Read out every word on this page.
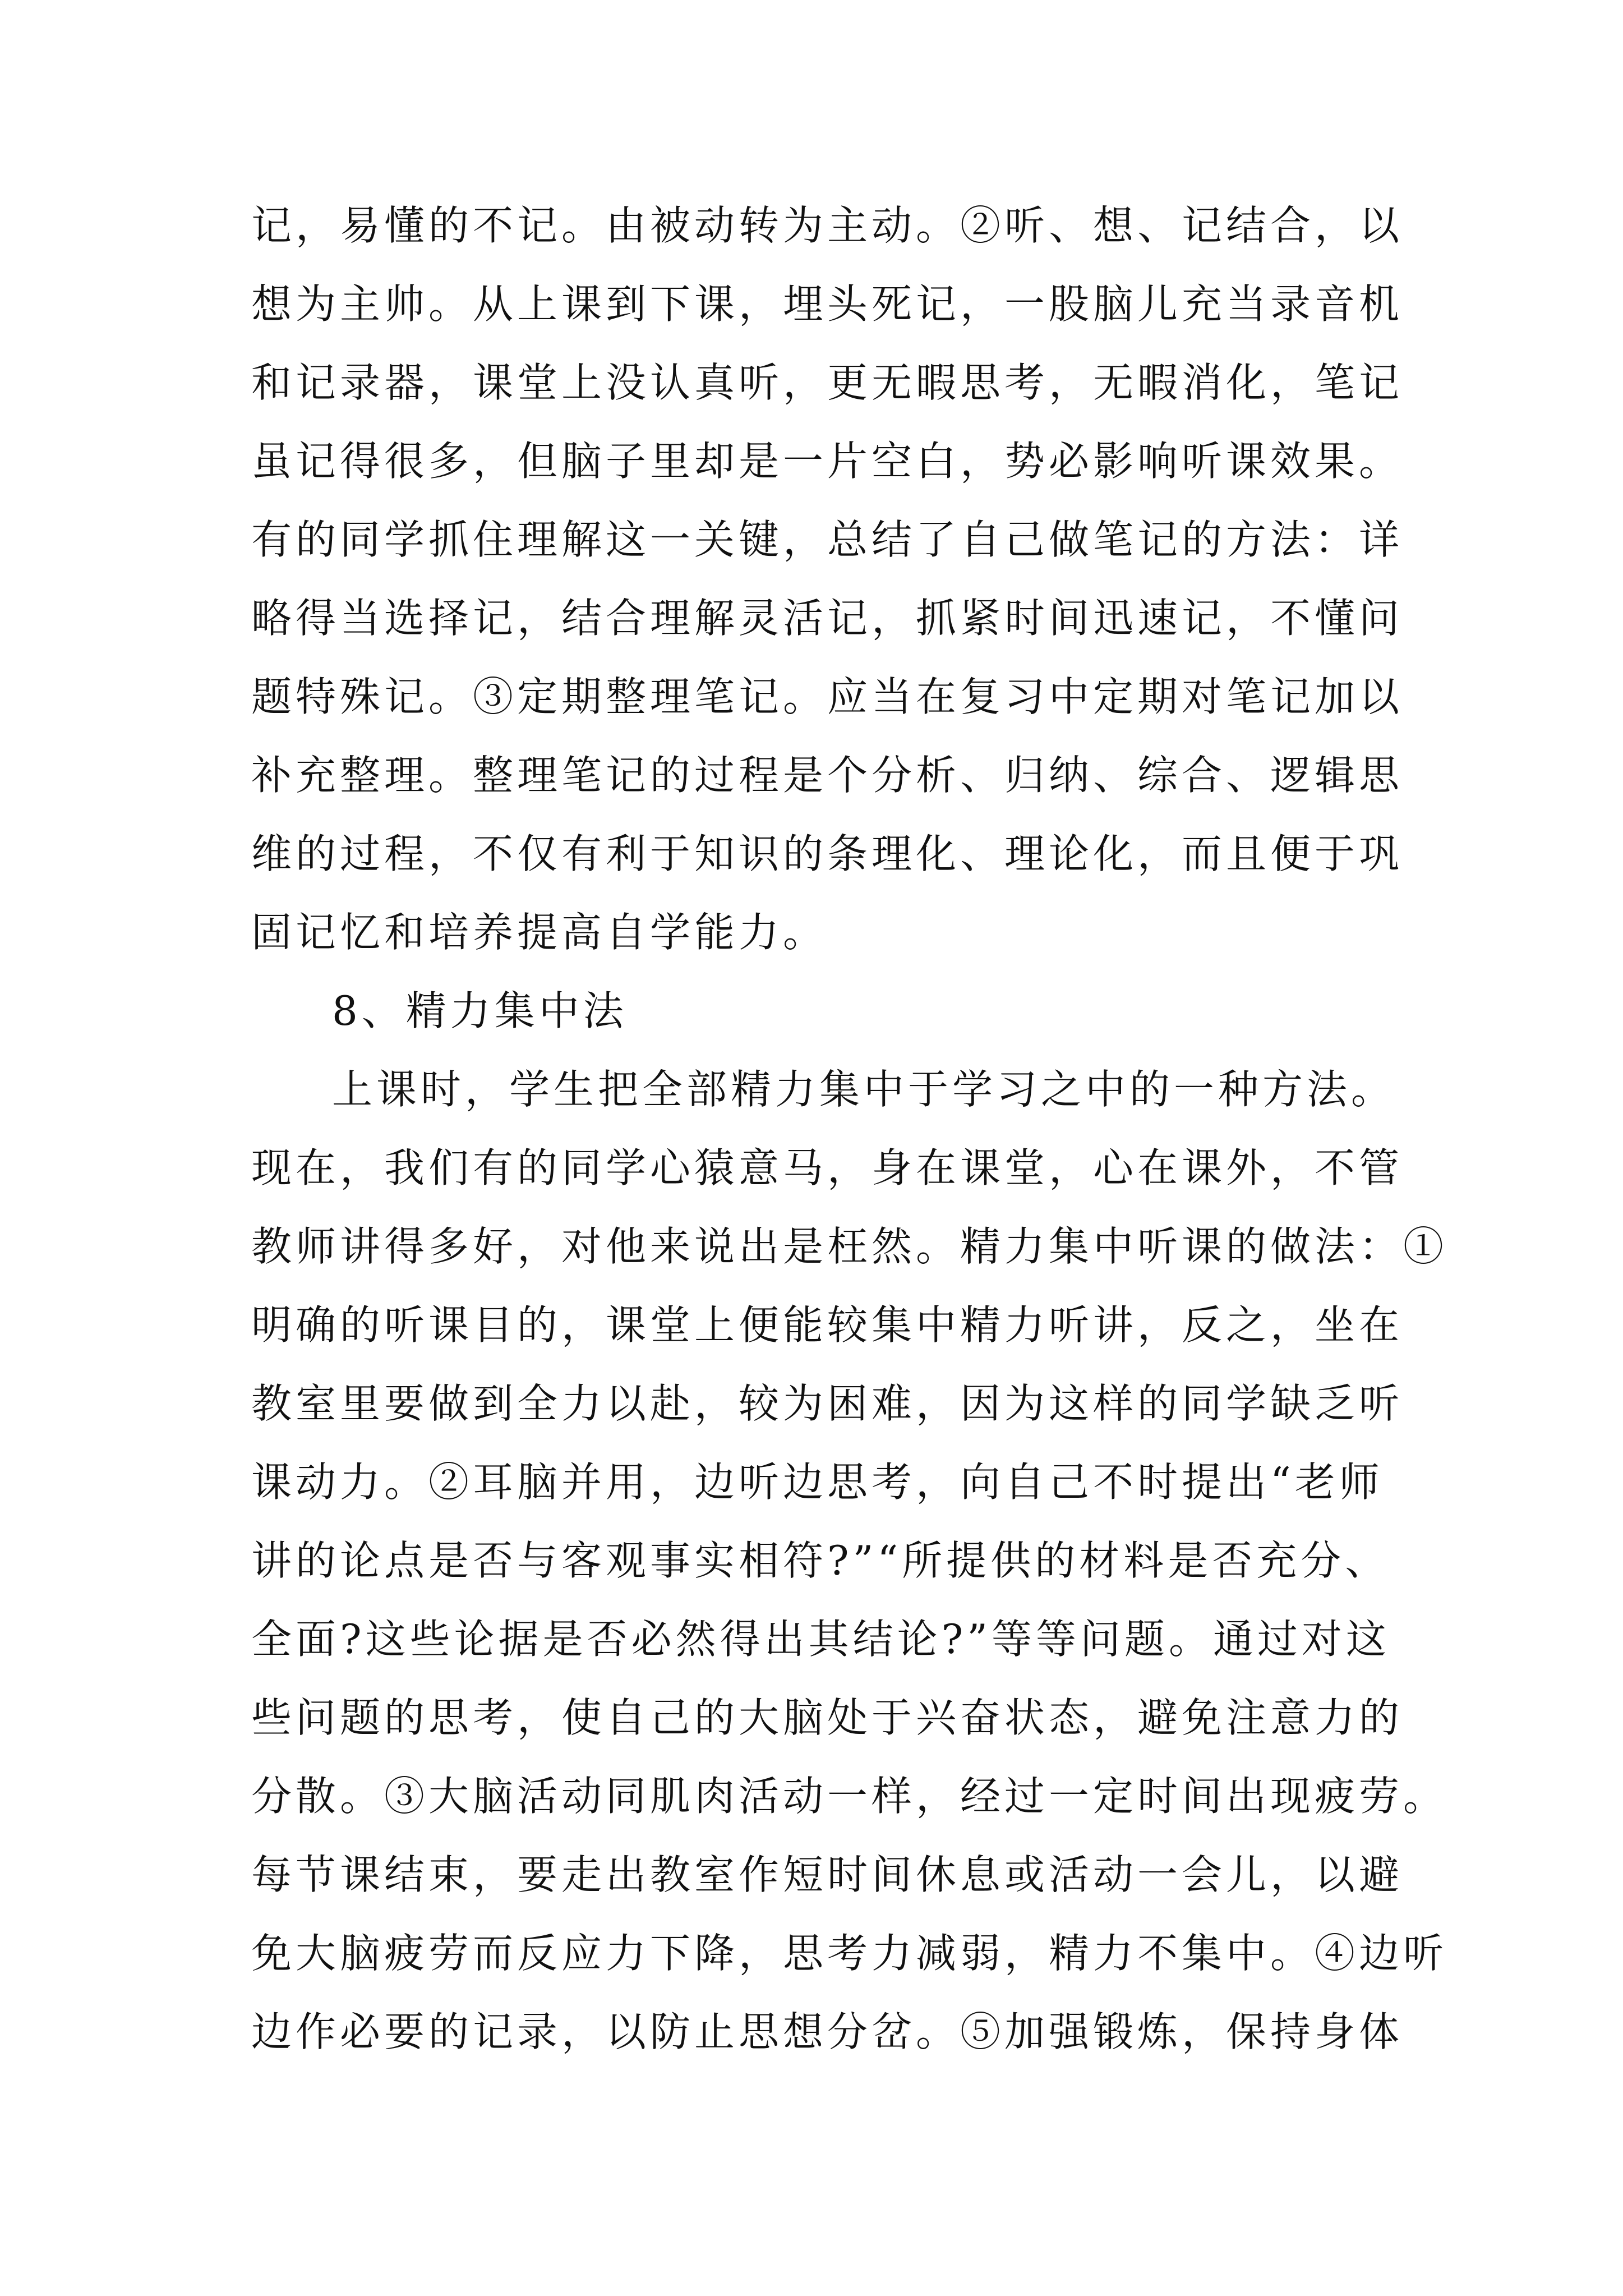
记，易懂的不记。由被动转为主动。②听、想、记结合，以
想为主帅。从上课到下课，埋头死记，一股脑儿充当录音机
和记录器，课堂上没认真听，更无暇思考，无暇消化，笔记
虽记得很多，但脑子里却是一片空白，势必影响听课效果。
有的同学抓住理解这一关键，总结了自己做笔记的方法：详
略得当选择记，结合理解灵活记，抓紧时间迅速记，不懂问
题特殊记。③定期整理笔记。应当在复习中定期对笔记加以
补充整理。整理笔记的过程是个分析、归纳、综合、逻辑思
维的过程，不仅有利于知识的条理化、理论化，而且便于巩
固记忆和培养提高自学能力。
8、精力集中法
上课时，学生把全部精力集中于学习之中的一种方法。
现在，我们有的同学心猿意马，身在课堂，心在课外，不管
教师讲得多好，对他来说出是枉然。精力集中听课的做法：①
明确的听课目的，课堂上便能较集中精力听讲，反之，坐在
教室里要做到全力以赴，较为困难，因为这样的同学缺乏听
课动力。②耳脑并用，边听边思考，向自己不时提出“老师
讲的论点是否与客观事实相符?”“所提供的材料是否充分、
全面?这些论据是否必然得出其结论?”等等问题。通过对这
些问题的思考，使自己的大脑处于兴奋状态，避免注意力的
分散。③大脑活动同肌肉活动一样，经过一定时间出现疲劳。
每节课结束，要走出教室作短时间休息或活动一会儿，以避
免大脑疲劳而反应力下降，思考力减弱，精力不集中。④边听
边作必要的记录，以防止思想分岔。⑤加强锻炼，保持身体
